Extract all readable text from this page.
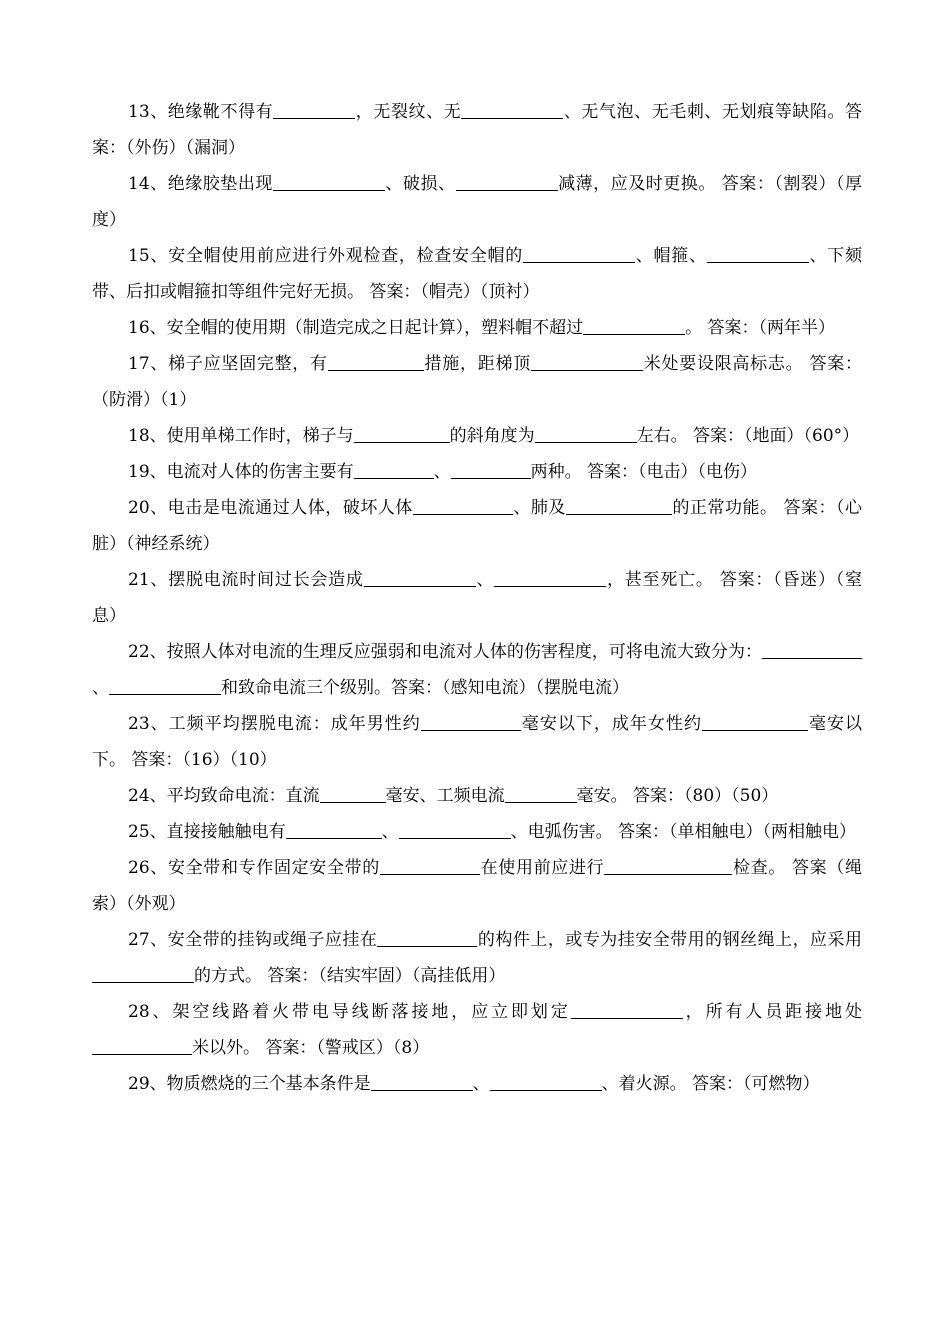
13、绝缘靴不得有	，无裂纹、无	、无气泡、无毛刺、无划痕等缺陷。答案：（外伤）（漏洞）

14、绝缘胶垫出现	、破损、	减薄，应及时更换。 答案：（割裂）（厚度）

15、安全帽使用前应进行外观检查，检查安全帽的	、帽箍、	、下颏带、后扣或帽箍扣等组件完好无损。 答案：（帽壳）（顶衬）

16、安全帽的使用期（制造完成之日起计算），塑料帽不超过	。 答案：（两年半）

17、梯子应坚固完整，有	措施，距梯顶	米处要设限高标志。 答案：（防滑）（1）

18、使用单梯工作时，梯子与	的斜角度为	左右。 答案：（地面）（60°）

19、电流对人体的伤害主要有	、	两种。 答案：（电击）（电伤）

20、电击是电流通过人体，破坏人体	、肺及	的正常功能。 答案：（心脏）（神经系统）

21、摆脱电流时间过长会造成	、	，甚至死亡。 答案：（昏迷）（窒息）

22、按照人体对电流的生理反应强弱和电流对人体的伤害程度，可将电流大致分为：、	和致命电流三个级别。答案：（感知电流）（摆脱电流）

23、工频平均摆脱电流：成年男性约	毫安以下，成年女性约	毫安以下。 答案：（16）（10）

24、平均致命电流：直流	毫安、工频电流	毫安。 答案：（80）（50）

25、直接接触触电有	、	、电弧伤害。 答案：（单相触电）（两相触电）

26、安全带和专作固定安全带的	在使用前应进行	检查。 答案（绳索）（外观）

27、安全带的挂钩或绳子应挂在	的构件上，或专为挂安全带用的钢丝绳上，应采用的方式。 答案：（结实牢固）（高挂低用）

28、架空线路着火带电导线断落接地，应立即划定	，所有人员距接地处米以外。 答案：（警戒区）（8）

29、物质燃烧的三个基本条件是	、	、着火源。 答案：（可燃物）
